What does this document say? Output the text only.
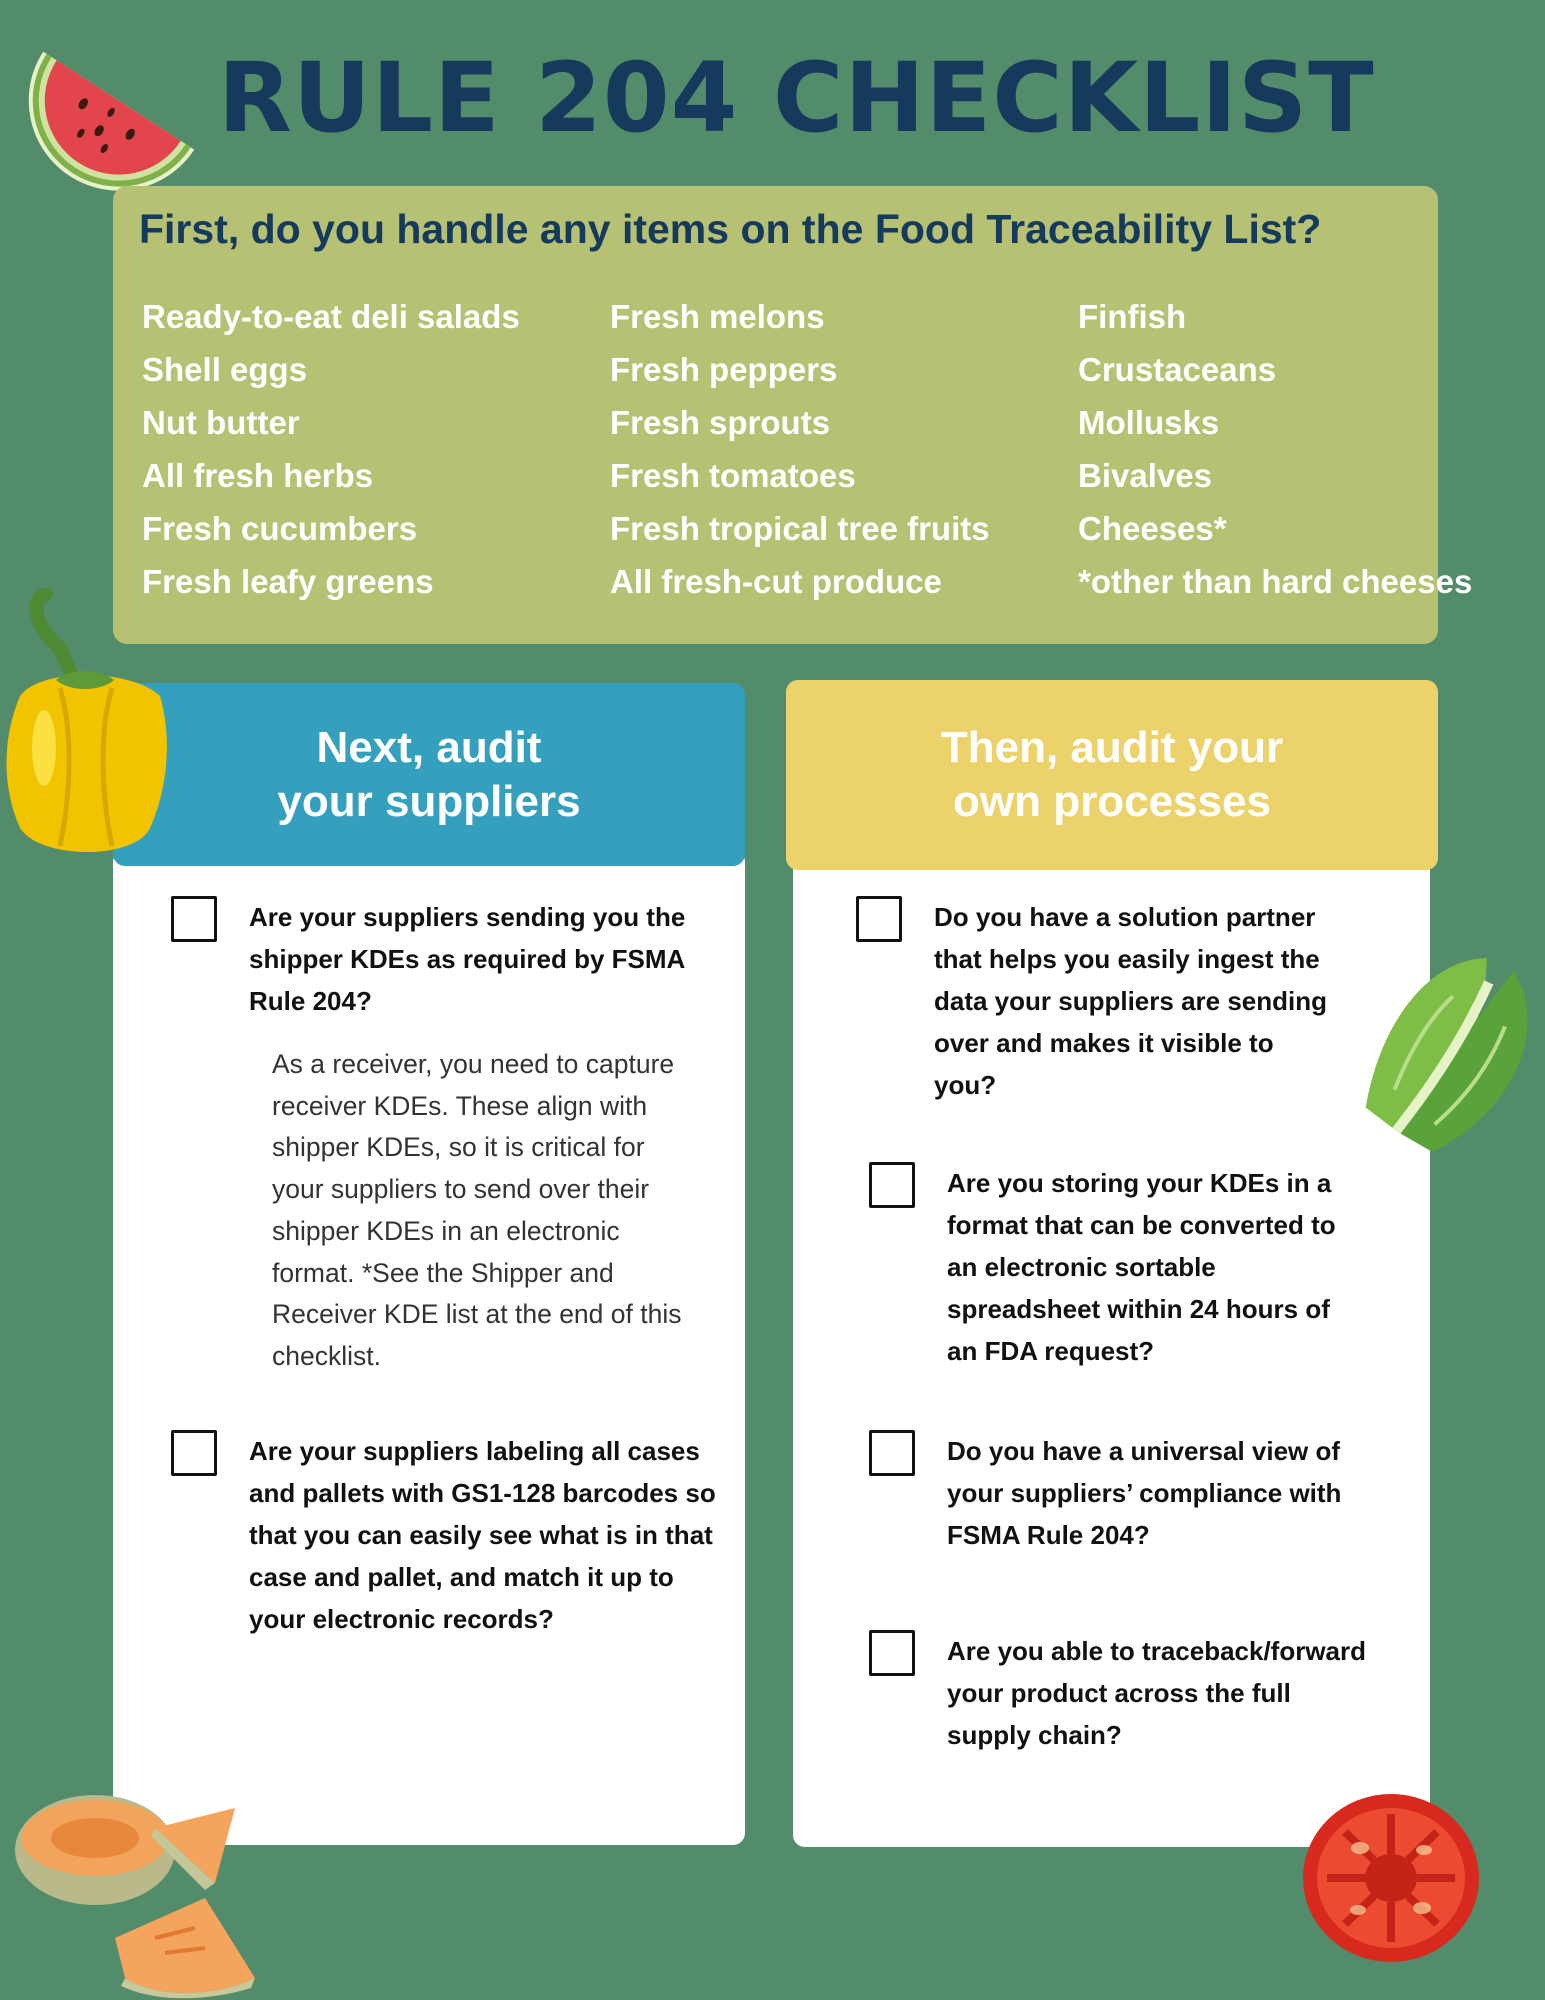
RULE 204 CHECKLIST
First, do you handle any items on the Food Traceability List?
Ready-to-eat deli salads
Shell eggs
Nut butter
All fresh herbs
Fresh cucumbers
Fresh leafy greens
Fresh melons
Fresh peppers
Fresh sprouts
Fresh tomatoes
Fresh tropical tree fruits
All fresh-cut produce
Finfish
Crustaceans
Mollusks
Bivalves
Cheeses*
*other than hard cheeses

Are your suppliers sending you the shipper KDEs as required by FSMA Rule 204?

As a receiver, you need to capture receiver KDEs. These align with shipper KDEs, so it is critical for your suppliers to send over their shipper KDEs in an electronic format. *See the Shipper and Receiver KDE list at the end of this checklist.

Are your suppliers labeling all cases and pallets with GS1-128 barcodes so that you can easily see what is in that case and pallet, and match it up to your electronic records?

Next, audit
your suppliers

Do you have a solution partner that helps you easily ingest the data your suppliers are sending over and makes it visible to you?

Are you storing your KDEs in a format that can be converted to an electronic sortable spreadsheet within 24 hours of an FDA request?

Do you have a universal view of your suppliers’ compliance with FSMA Rule 204?

Are you able to traceback/forward your product across the full supply chain?

Then, audit your
own processes
